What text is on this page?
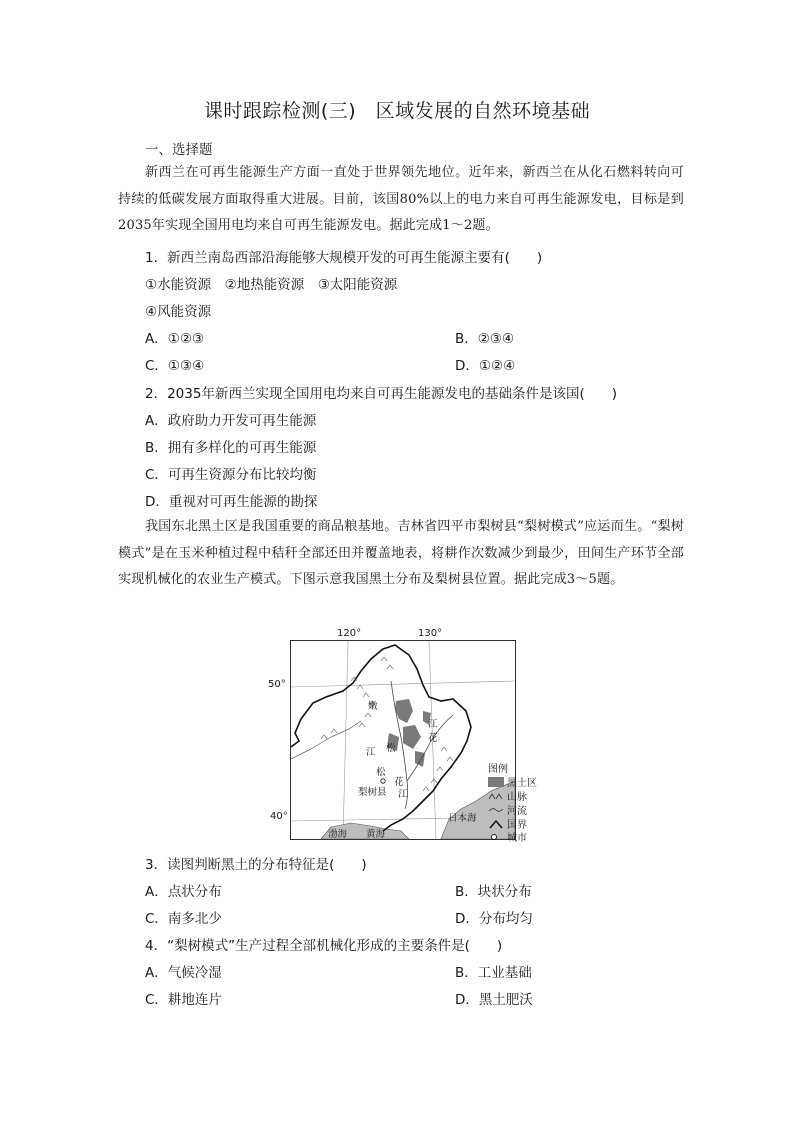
课时跟踪检测(三)　区域发展的自然环境基础
一、选择题
新西兰在可再生能源生产方面一直处于世界领先地位。近年来，新西兰在从化石燃料转向可持续的低碳发展方面取得重大进展。目前，该国80%以上的电力来自可再生能源发电，目标是到2035年实现全国用电均来自可再生能源发电。据此完成1～2题。
1．新西兰南岛西部沿海能够大规模开发的可再生能源主要有(　　)
①水能资源　②地热能资源　③太阳能资源
④风能资源
A．①②③	B．②③④
C．①③④	D．①②④
2．2035年新西兰实现全国用电均来自可再生能源发电的基础条件是该国(　　)
A．政府助力开发可再生能源
B．拥有多样化的可再生能源
C．可再生资源分布比较均衡
D．重视对可再生能源的勘探
我国东北黑土区是我国重要的商品粮基地。吉林省四平市梨树县“梨树模式”应运而生。“梨树模式”是在玉米种植过程中秸秆全部还田并覆盖地表，将耕作次数减少到最少，田间生产环节全部实现机械化的农业生产模式。下图示意我国黑土分布及梨树县位置。据此完成3～5题。
120°	130°
50°
40°
嫩
江
松
花
江
松
花
江
梨树县
渤海 黄海
日本海
图例
黑土区
山脉
河流
国界
城市
3．读图判断黑土的分布特征是(　　)
A．点状分布	B．块状分布
C．南多北少	D．分布均匀
4．“梨树模式”生产过程全部机械化形成的主要条件是(　　)
A．气候冷湿	B．工业基础
C．耕地连片	D．黑土肥沃
